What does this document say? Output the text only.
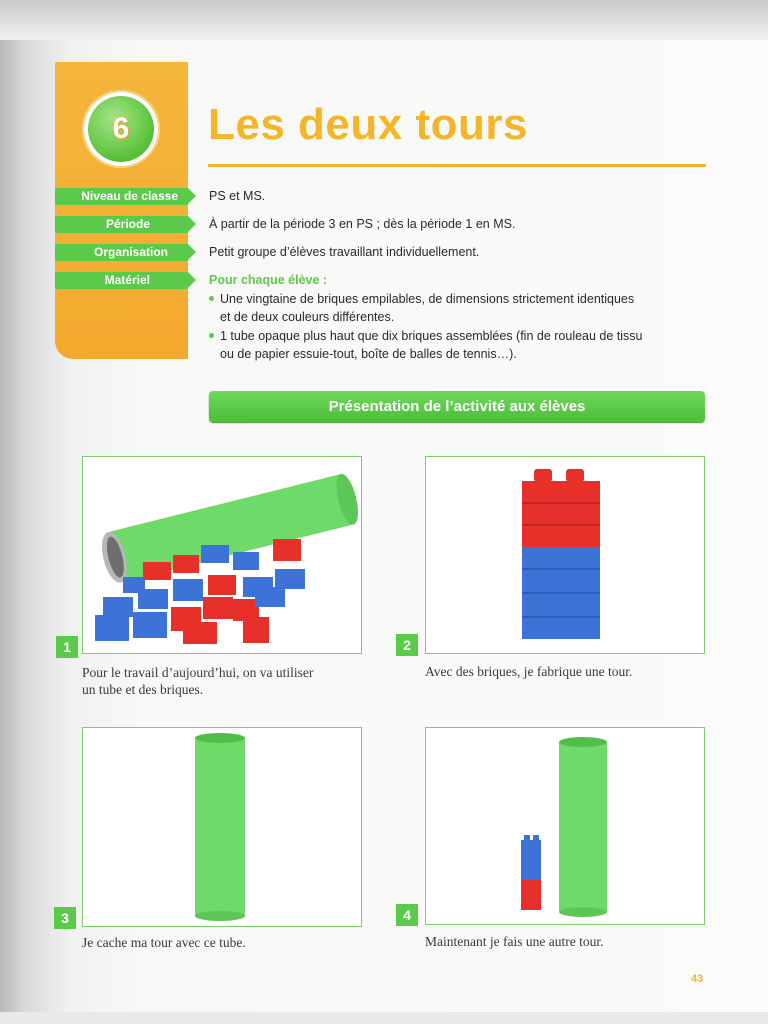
6	Les deux tours
Niveau de classe
Période
Organisation
Matériel
PS et MS.
À partir de la période 3 en PS ; dès la période 1 en MS.
Petit groupe d’élèves travaillant individuellement.
Pour chaque élève :
Une vingtaine de briques empilables, de dimensions strictement identiques
et de deux couleurs différentes.
1 tube opaque plus haut que dix briques assemblées (fin de rouleau de tissu
ou de papier essuie-tout, boîte de balles de tennis…).
Présentation de l’activité aux élèves
1
Pour le travail d’aujourd’hui, on va utiliser
un tube et des briques.
2
Avec des briques, je fabrique une tour.
3
Je cache ma tour avec ce tube.
4
Maintenant je fais une autre tour.
43
